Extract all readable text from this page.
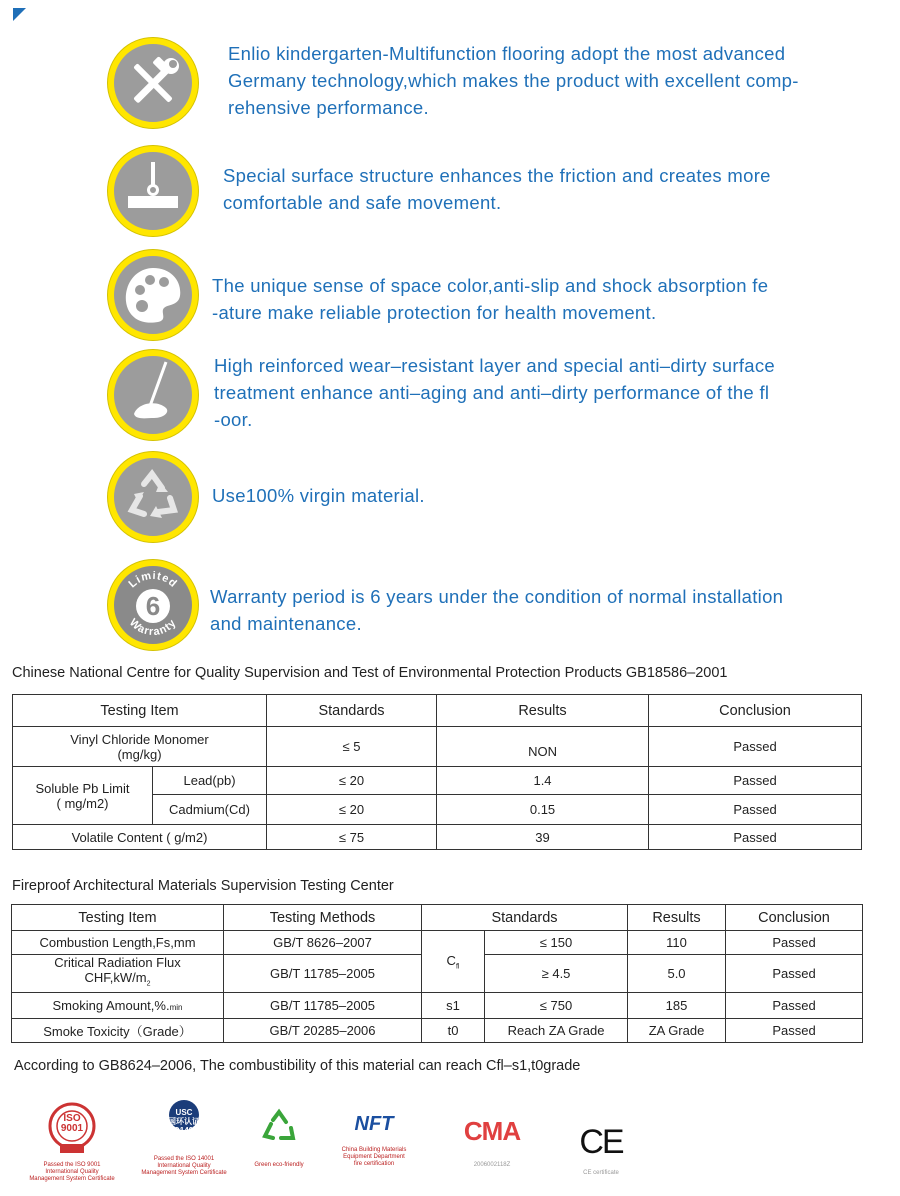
Enlio kindergarten-Multifunction flooring adopt the most advanced
Germany technology,which makes the product with excellent comp-
rehensive performance.
Special surface structure enhances the friction and creates more
comfortable and safe movement.
The unique sense of space color,anti-slip and shock absorption fe
-ature make reliable protection for health movement.
High reinforced wear–resistant layer and special anti–dirty surface
treatment enhance anti–aging and anti–dirty performance of the fl
-oor.
Use100% virgin material.
6
Limited
Warranty
Warranty period is 6 years under the condition of normal installation
and maintenance.
Chinese National Centre for Quality Supervision and Test of Environmental Protection Products GB18586–2001
Testing Item		Standards	Results	Conclusion
Vinyl Chloride Monomer
(mg/kg)		≤ 5	NON	Passed
Soluble Pb Limit
( mg/m2)	Lead(pb)	≤ 20	1.4	Passed
	Cadmium(Cd)	≤ 20	0.15	Passed
Volatile Content ( g/m2)		≤ 75	39	Passed
Fireproof Architectural Materials Supervision Testing Center
Testing Item	Testing Methods	Standards		Results	Conclusion
Combustion Length,Fs,mm	GB/T 8626–2007	$C_{fl}$	≤ 150	110	Passed
Critical Radiation Flux
$CHF,kW/m_2$	GB/T 11785–2005		≥ 4.5	5.0	Passed
Smoking Amount,%.min	GB/T 11785–2005	s1	≤ 750	185	Passed
Smoke Toxicity（Grade）	GB/T 20285–2006	t0	Reach ZA Grade	ZA Grade	Passed
According to GB8624–2006, The combustibility of this material can reach Cfl–s1,t0grade
ISO
9001
Passed the ISO 9001
International Quality
Management System Certificate
USC
国环认证
ISO14001
Passed the ISO 14001
International Quality
Management System Certificate
Green eco-friendly
NFT
China Building Materials
Equipment Department
fire certification
CMA
2006002118Z
CE
CE certificate
